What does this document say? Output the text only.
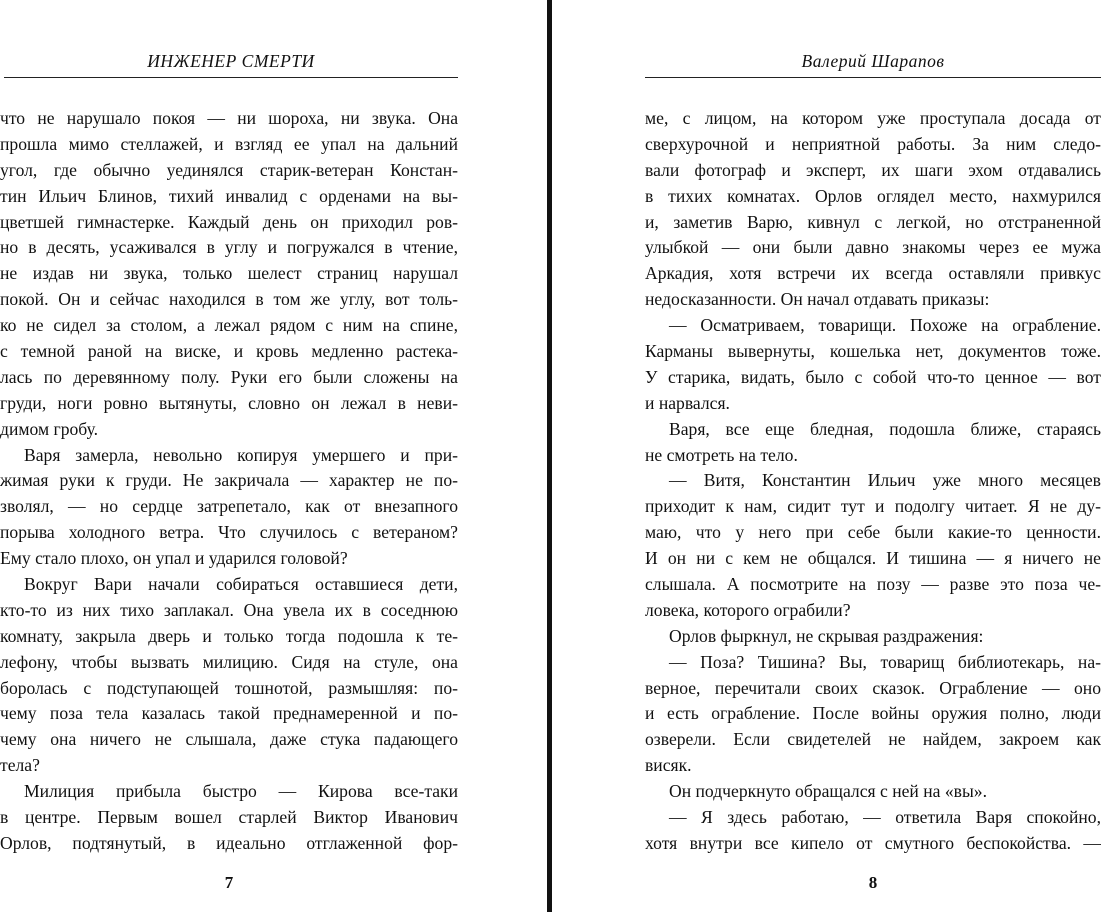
ИНЖЕНЕР СМЕРТИ
что не нарушало покоя — ни шороха, ни звука. Она
прошла мимо стеллажей, и взгляд ее упал на дальний
угол, где обычно уединялся старик-ветеран Констан-
тин Ильич Блинов, тихий инвалид с орденами на вы-
цветшей гимнастерке. Каждый день он приходил ров-
но в десять, усаживался в углу и погружался в чтение,
не издав ни звука, только шелест страниц нарушал
покой. Он и сейчас находился в том же углу, вот толь-
ко не сидел за столом, а лежал рядом с ним на спине,
с темной раной на виске, и кровь медленно растека-
лась по деревянному полу. Руки его были сложены на
груди, ноги ровно вытянуты, словно он лежал в неви-
димом гробу.
Варя замерла, невольно копируя умершего и при-
жимая руки к груди. Не закричала — характер не по-
зволял, — но сердце затрепетало, как от внезапного
порыва холодного ветра. Что случилось с ветераном?
Ему стало плохо, он упал и ударился головой?
Вокруг Вари начали собираться оставшиеся дети,
кто-то из них тихо заплакал. Она увела их в соседнюю
комнату, закрыла дверь и только тогда подошла к те-
лефону, чтобы вызвать милицию. Сидя на стуле, она
боролась с подступающей тошнотой, размышляя: по-
чему поза тела казалась такой преднамеренной и по-
чему она ничего не слышала, даже стука падающего
тела?
Милиция прибыла быстро — Кирова все-таки
в центре. Первым вошел старлей Виктор Иванович
Орлов, подтянутый, в идеально отглаженной фор-
7
Валерий Шарапов
ме, с лицом, на котором уже проступала досада от
сверхурочной и неприятной работы. За ним следо-
вали фотограф и эксперт, их шаги эхом отдавались
в тихих комнатах. Орлов оглядел место, нахмурился
и, заметив Варю, кивнул с легкой, но отстраненной
улыбкой — они были давно знакомы через ее мужа
Аркадия, хотя встречи их всегда оставляли привкус
недосказанности. Он начал отдавать приказы:
— Осматриваем, товарищи. Похоже на ограбление.
Карманы вывернуты, кошелька нет, документов тоже.
У старика, видать, было с собой что-то ценное — вот
и нарвался.
Варя, все еще бледная, подошла ближе, стараясь
не смотреть на тело.
— Витя, Константин Ильич уже много месяцев
приходит к нам, сидит тут и подолгу читает. Я не ду-
маю, что у него при себе были какие-то ценности.
И он ни с кем не общался. И тишина — я ничего не
слышала. А посмотрите на позу — разве это поза че-
ловека, которого ограбили?
Орлов фыркнул, не скрывая раздражения:
— Поза? Тишина? Вы, товарищ библиотекарь, на-
верное, перечитали своих сказок. Ограбление — оно
и есть ограбление. После войны оружия полно, люди
озверели. Если свидетелей не найдем, закроем как
висяк.
Он подчеркнуто обращался с ней на «вы».
— Я здесь работаю, — ответила Варя спокойно,
хотя внутри все кипело от смутного беспокойства. —
8
